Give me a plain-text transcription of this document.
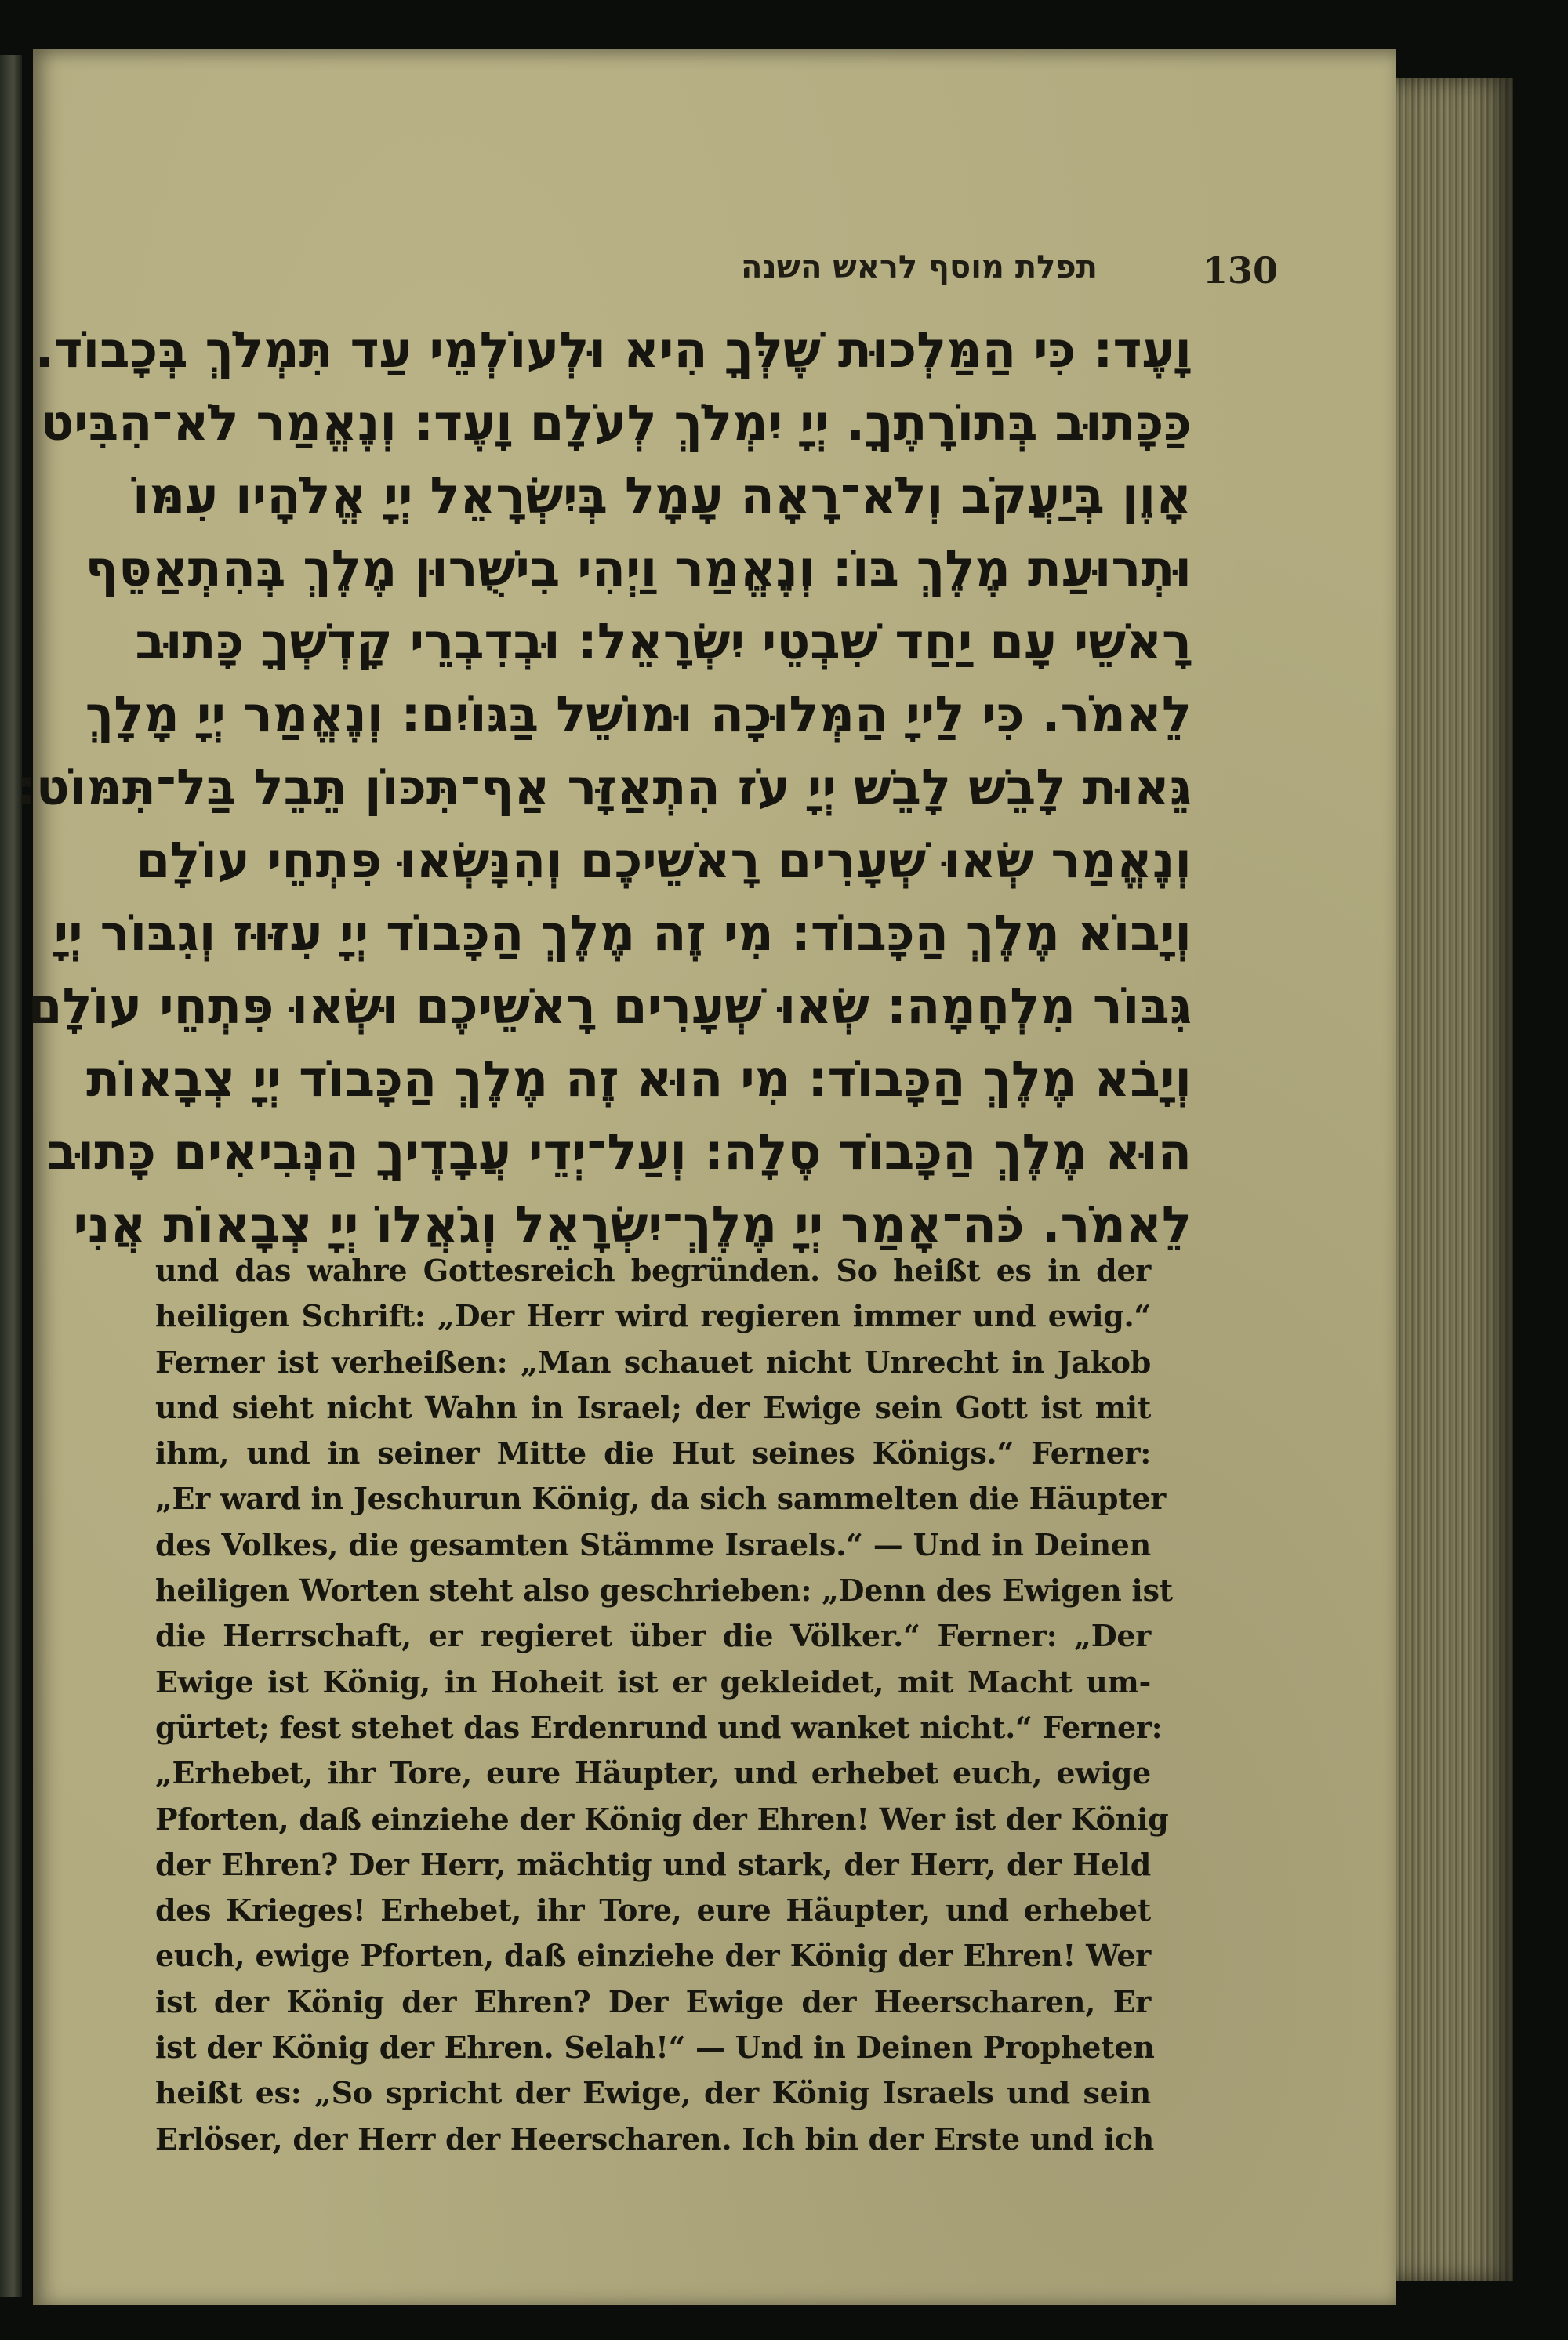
תפלת מוסף לראש השנה	130
וָעֶד: כִּי הַמַּלְכוּת שֶׁלְּךָ הִיא וּלְעוֹלְמֵי עַד תִּמְלֹךְ בְּכָבוֹד.
כַּכָּתוּב בְּתוֹרָתֶךָ. יְיָ יִמְלֹךְ לְעֹלָם וָעֶד: וְנֶאֱמַר לֹא־הִבִּיט
אָוֶן בְּיַעֲקֹב וְלֹא־רָאָה עָמָל בְּיִשְׂרָאֵל יְיָ אֱלֹהָיו עִמּוֹ
וּתְרוּעַת מֶלֶךְ בּוֹ: וְנֶאֱמַר וַיְהִי בִישֻׁרוּן מֶלֶךְ בְּהִתְאַסֵּף
רָאשֵׁי עָם יַחַד שִׁבְטֵי יִשְׂרָאֵל: וּבְדִבְרֵי קָדְשְׁךָ כָּתוּב
לֵאמֹר. כִּי לַייָ הַמְּלוּכָה וּמוֹשֵׁל בַּגּוֹיִם: וְנֶאֱמַר יְיָ מָלָךְ
גֵּאוּת לָבֵשׁ לָבֵשׁ יְיָ עֹז הִתְאַזָּר אַף־תִּכּוֹן תֵּבֵל בַּל־תִּמּוֹט:
וְנֶאֱמַר שְׂאוּ שְׁעָרִים רָאשֵׁיכֶם וְהִנָּשְׂאוּ פִּתְחֵי עוֹלָם
וְיָבוֹא מֶלֶךְ הַכָּבוֹד: מִי זֶה מֶלֶךְ הַכָּבוֹד יְיָ עִזּוּז וְגִבּוֹר יְיָ
גִּבּוֹר מִלְחָמָה: שְׂאוּ שְׁעָרִים רָאשֵׁיכֶם וּשְׂאוּ פִּתְחֵי עוֹלָם
וְיָבֹא מֶלֶךְ הַכָּבוֹד: מִי הוּא זֶה מֶלֶךְ הַכָּבוֹד יְיָ צְבָאוֹת
הוּא מֶלֶךְ הַכָּבוֹד סֶלָה: וְעַל־יְדֵי עֲבָדֶיךָ הַנְּבִיאִים כָּתוּב
לֵאמֹר. כֹּה־אָמַר יְיָ מֶלֶךְ־יִשְׂרָאֵל וְגֹאֲלוֹ יְיָ צְבָאוֹת אֲנִי
und das wahre Gottesreich begründen. So heißt es in der
heiligen Schrift: „Der Herr wird regieren immer und ewig.“
Ferner ist verheißen: „Man schauet nicht Unrecht in Jakob
und sieht nicht Wahn in Israel; der Ewige sein Gott ist mit
ihm, und in seiner Mitte die Hut seines Königs.“ Ferner:
„Er ward in Jeschurun König, da sich sammelten die Häupter
des Volkes, die gesamten Stämme Israels.“ — Und in Deinen
heiligen Worten steht also geschrieben: „Denn des Ewigen ist
die Herrschaft, er regieret über die Völker.“ Ferner: „Der
Ewige ist König, in Hoheit ist er gekleidet, mit Macht um-
gürtet; fest stehet das Erdenrund und wanket nicht.“ Ferner:
„Erhebet, ihr Tore, eure Häupter, und erhebet euch, ewige
Pforten, daß einziehe der König der Ehren! Wer ist der König
der Ehren? Der Herr, mächtig und stark, der Herr, der Held
des Krieges! Erhebet, ihr Tore, eure Häupter, und erhebet
euch, ewige Pforten, daß einziehe der König der Ehren! Wer
ist der König der Ehren? Der Ewige der Heerscharen, Er
ist der König der Ehren. Selah!“ — Und in Deinen Propheten
heißt es: „So spricht der Ewige, der König Israels und sein
Erlöser, der Herr der Heerscharen. Ich bin der Erste und ich
